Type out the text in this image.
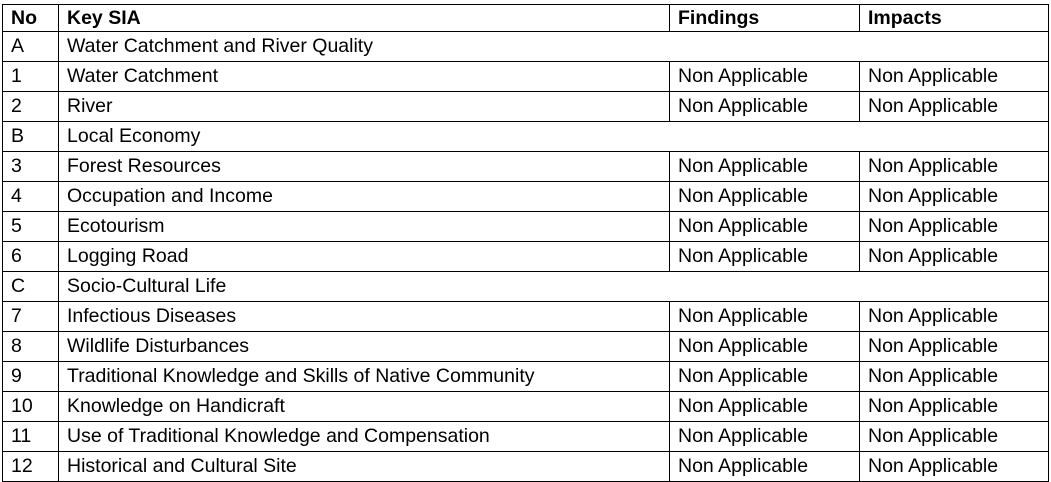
No	Key SIA	Findings	Impacts
A	Water Catchment and River Quality		
1	Water Catchment	Non Applicable	Non Applicable
2	River	Non Applicable	Non Applicable
B	Local Economy		
3	Forest Resources	Non Applicable	Non Applicable
4	Occupation and Income	Non Applicable	Non Applicable
5	Ecotourism	Non Applicable	Non Applicable
6	Logging Road	Non Applicable	Non Applicable
C	Socio-Cultural Life		
7	Infectious Diseases	Non Applicable	Non Applicable
8	Wildlife Disturbances	Non Applicable	Non Applicable
9	Traditional Knowledge and Skills of Native Community	Non Applicable	Non Applicable
10	Knowledge on Handicraft	Non Applicable	Non Applicable
11	Use of Traditional Knowledge and Compensation	Non Applicable	Non Applicable
12	Historical and Cultural Site	Non Applicable	Non Applicable
